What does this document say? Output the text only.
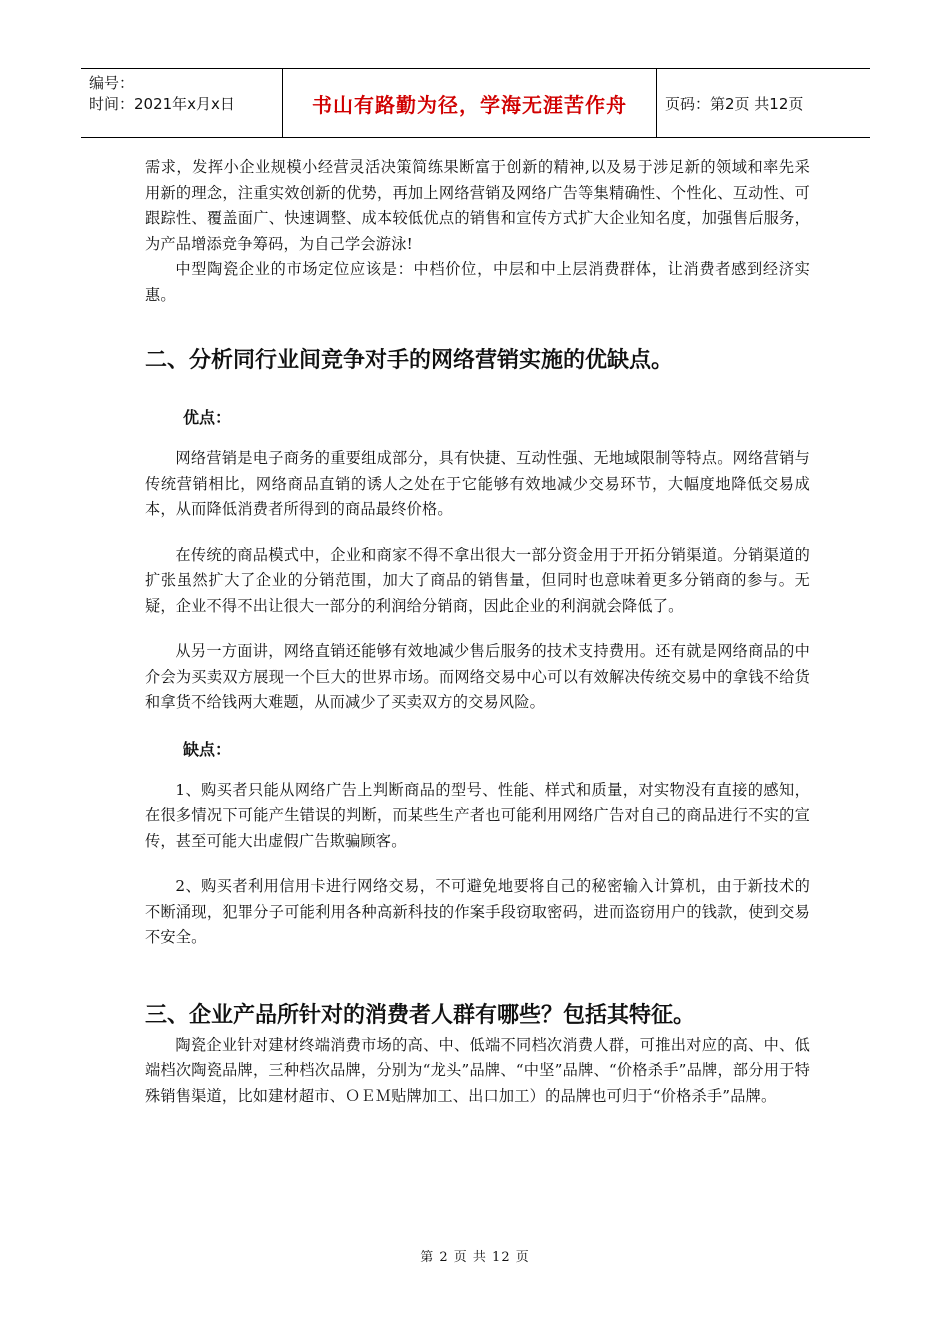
编号：
时间：2021年x月x日	书山有路勤为径，学海无涯苦作舟	页码：第2页 共12页

需求，发挥小企业规模小经营灵活决策简练果断富于创新的精神,以及易于涉足新的领域和率先采用新的理念，注重实效创新的优势，再加上网络营销及网络广告等集精确性、个性化、互动性、可跟踪性、覆盖面广、快速调整、成本较低优点的销售和宣传方式扩大企业知名度，加强售后服务，为产品增添竞争筹码，为自己学会游泳!

中型陶瓷企业的市场定位应该是：中档价位，中层和中上层消费群体，让消费者感到经济实惠。

二、分析同行业间竞争对手的网络营销实施的优缺点。
优点：

网络营销是电子商务的重要组成部分，具有快捷、互动性强、无地域限制等特点。网络营销与传统营销相比，网络商品直销的诱人之处在于它能够有效地减少交易环节，大幅度地降低交易成本，从而降低消费者所得到的商品最终价格。

在传统的商品模式中，企业和商家不得不拿出很大一部分资金用于开拓分销渠道。分销渠道的扩张虽然扩大了企业的分销范围，加大了商品的销售量，但同时也意味着更多分销商的参与。无疑，企业不得不出让很大一部分的利润给分销商，因此企业的利润就会降低了。

从另一方面讲，网络直销还能够有效地减少售后服务的技术支持费用。还有就是网络商品的中介会为买卖双方展现一个巨大的世界市场。而网络交易中心可以有效解决传统交易中的拿钱不给货和拿货不给钱两大难题，从而减少了买卖双方的交易风险。

缺点：

1、购买者只能从网络广告上判断商品的型号、性能、样式和质量，对实物没有直接的感知，在很多情况下可能产生错误的判断，而某些生产者也可能利用网络广告对自己的商品进行不实的宣传，甚至可能大出虚假广告欺骗顾客。

2、购买者利用信用卡进行网络交易，不可避免地要将自己的秘密输入计算机，由于新技术的不断涌现，犯罪分子可能利用各种高新科技的作案手段窃取密码，进而盗窃用户的钱款，使到交易不安全。

三、企业产品所针对的消费者人群有哪些？包括其特征。

陶瓷企业针对建材终端消费市场的高、中、低端不同档次消费人群，可推出对应的高、中、低端档次陶瓷品牌，三种档次品牌，分别为“龙头”品牌、“中坚”品牌、“价格杀手”品牌，部分用于特殊销售渠道，比如建材超市、ＯＥＭ贴牌加工、出口加工）的品牌也可归于“价格杀手”品牌。

第 2 页 共 12 页
